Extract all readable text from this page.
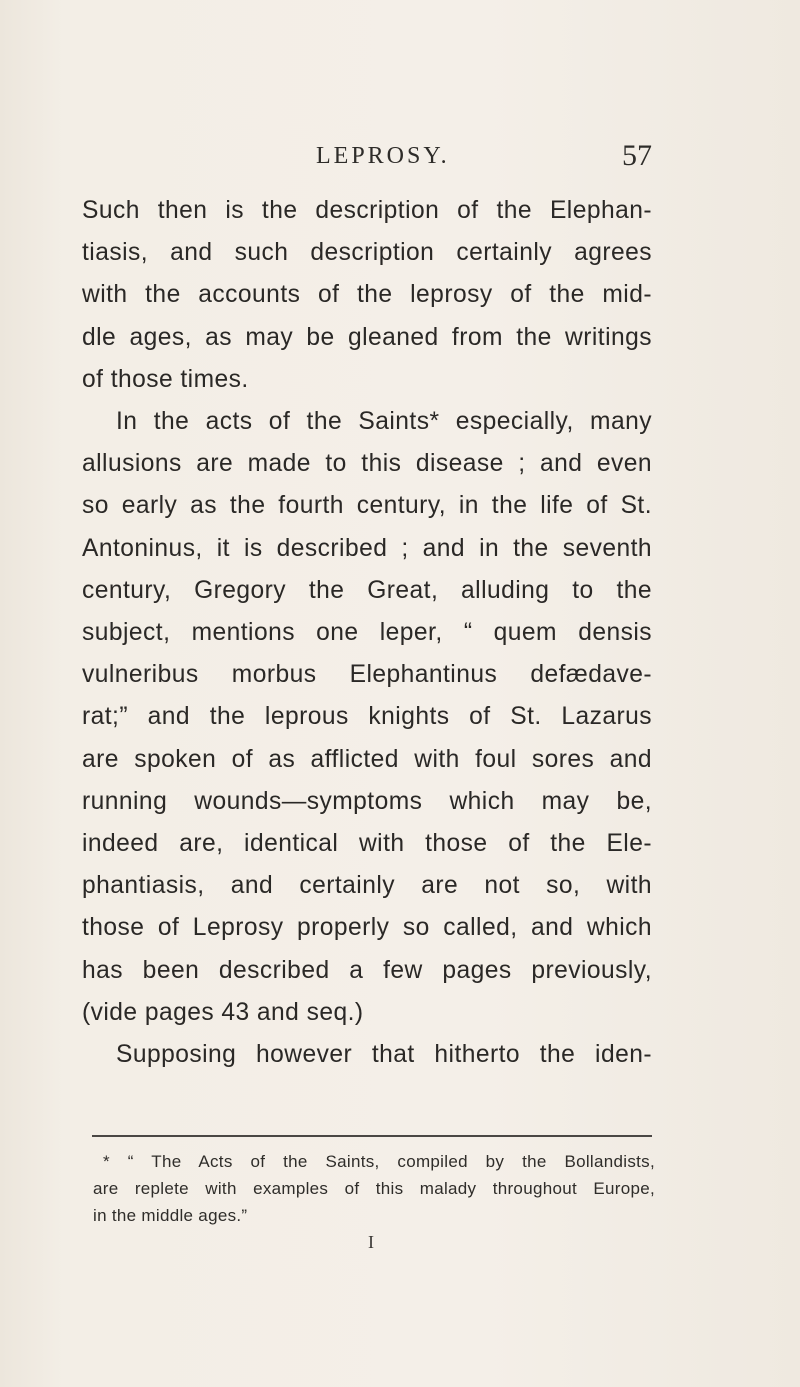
LEPROSY.	57
Such then is the description of the Elephan-
tiasis, and such description certainly agrees
with the accounts of the leprosy of the mid-
dle ages, as may be gleaned from the writings
of those times.
In the acts of the Saints* especially, many
allusions are made to this disease ; and even
so early as the fourth century, in the life of St.
Antoninus, it is described ; and in the seventh
century, Gregory the Great, alluding to the
subject, mentions one leper, “ quem densis
vulneribus morbus Elephantinus defædave-
rat;” and the leprous knights of St. Lazarus
are spoken of as afflicted with foul sores and
running wounds—symptoms which may be,
indeed are, identical with those of the Ele-
phantiasis, and certainly are not so, with
those of Leprosy properly so called, and which
has been described a few pages previously,
(vide pages 43 and seq.)
Supposing however that hitherto the iden-
* “ The Acts of the Saints, compiled by the Bollandists,
are replete with examples of this malady throughout Europe,
in the middle ages.”
I
